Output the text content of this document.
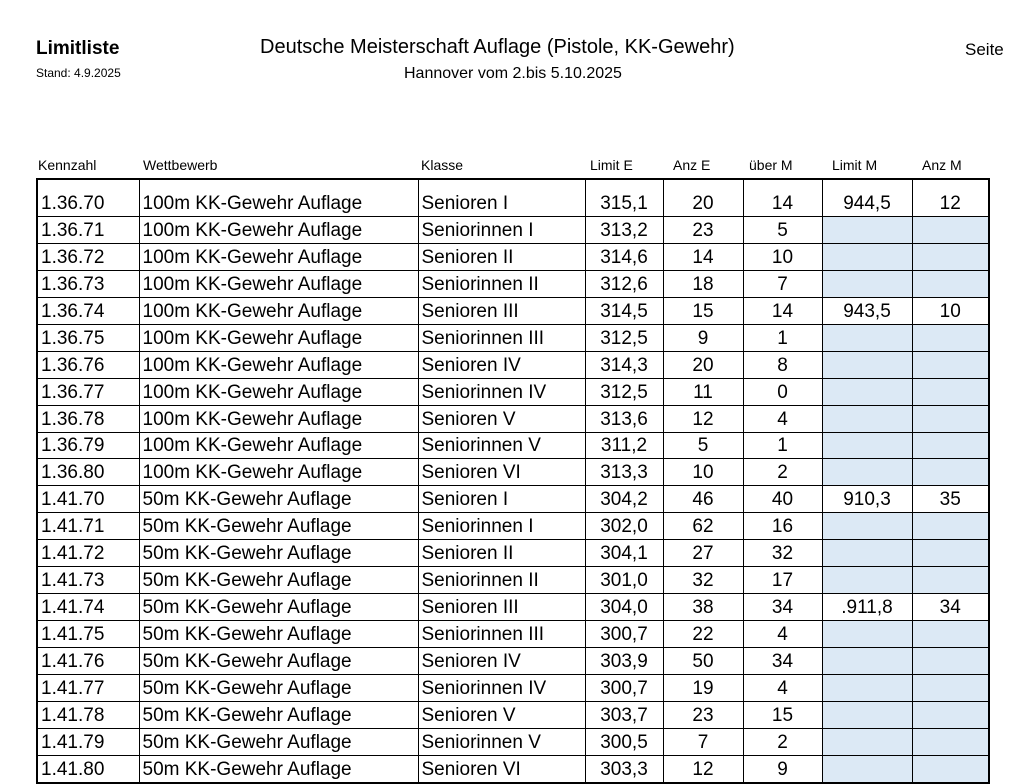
Limitliste
Stand: 4.9.2025
Deutsche Meisterschaft Auflage (Pistole, KK-Gewehr)
Hannover vom 2.bis 5.10.2025
Seite
Kennzahl	Wettbewerb	Klasse	Limit E	Anz E	über M	Limit M	Anz M
1.36.70	100m KK-Gewehr Auflage	Senioren I	315,1	20	14	944,5	12
1.36.71	100m KK-Gewehr Auflage	Seniorinnen I	313,2	23	5		
1.36.72	100m KK-Gewehr Auflage	Senioren II	314,6	14	10		
1.36.73	100m KK-Gewehr Auflage	Seniorinnen II	312,6	18	7		
1.36.74	100m KK-Gewehr Auflage	Senioren III	314,5	15	14	943,5	10
1.36.75	100m KK-Gewehr Auflage	Seniorinnen III	312,5	9	1		
1.36.76	100m KK-Gewehr Auflage	Senioren IV	314,3	20	8		
1.36.77	100m KK-Gewehr Auflage	Seniorinnen IV	312,5	11	0		
1.36.78	100m KK-Gewehr Auflage	Senioren V	313,6	12	4		
1.36.79	100m KK-Gewehr Auflage	Seniorinnen V	311,2	5	1		
1.36.80	100m KK-Gewehr Auflage	Senioren VI	313,3	10	2		
1.41.70	50m KK-Gewehr Auflage	Senioren I	304,2	46	40	910,3	35
1.41.71	50m KK-Gewehr Auflage	Seniorinnen I	302,0	62	16		
1.41.72	50m KK-Gewehr Auflage	Senioren II	304,1	27	32		
1.41.73	50m KK-Gewehr Auflage	Seniorinnen II	301,0	32	17		
1.41.74	50m KK-Gewehr Auflage	Senioren III	304,0	38	34	.911,8	34
1.41.75	50m KK-Gewehr Auflage	Seniorinnen III	300,7	22	4		
1.41.76	50m KK-Gewehr Auflage	Senioren IV	303,9	50	34		
1.41.77	50m KK-Gewehr Auflage	Seniorinnen IV	300,7	19	4		
1.41.78	50m KK-Gewehr Auflage	Senioren V	303,7	23	15		
1.41.79	50m KK-Gewehr Auflage	Seniorinnen V	300,5	7	2		
1.41.80	50m KK-Gewehr Auflage	Senioren VI	303,3	12	9		
